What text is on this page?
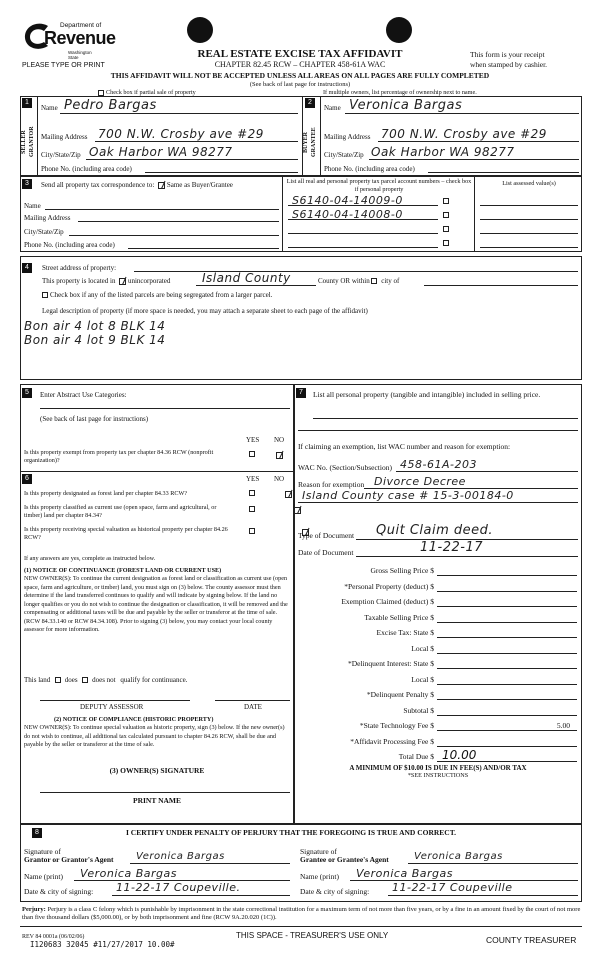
Department of
Revenue
Washington State
PLEASE TYPE OR PRINT
REAL ESTATE EXCISE TAX AFFIDAVIT
CHAPTER 82.45 RCW – CHAPTER 458-61A WAC
This form is your receipt
when stamped by cashier.
THIS AFFIDAVIT WILL NOT BE ACCEPTED UNLESS ALL AREAS ON ALL PAGES ARE FULLY COMPLETED
(See back of last page for instructions)
Check box if partial sale of property	If multiple owners, list percentage of ownership next to name.
1
SELLER GRANTOR
Name Pedro Bargas
Mailing Address 700 N.W. Crosby ave #29
City/State/Zip Oak Harbor WA 98277
Phone No. (including area code)
2
BUYER GRANTEE
Name Veronica Bargas
Mailing Address 700 N.W. Crosby ave #29
City/State/Zip Oak Harbor WA 98277
Phone No. (including area code)
3	Send all property tax correspondence to: Same as Buyer/Grantee
Name
Mailing Address
City/State/Zip
Phone No. (including area code)
List all real and personal property tax parcel account numbers – check box if personal property
List assessed value(s)
S6140-04-14009-0
S6140-04-14008-0
4	Street address of property:
This property is located in unincorporated	Island County	County OR within city of
Check box if any of the listed parcels are being segregated from a larger parcel.
Legal description of property (if more space is needed, you may attach a separate sheet to each page of the affidavit)
Bon air 4 lot 8 BLK 14
Bon air 4 lot 9 BLK 14
5	Enter Abstract Use Categories:
(See back of last page for instructions)
YES NO
Is this property exempt from property tax per chapter 84.36 RCW (nonprofit organization)?

6	YES NO
Is this property designated as forest land per chapter 84.33 RCW?

Is this property classified as current use (open space, farm and agricultural, or timber) land per chapter 84.34?

Is this property receiving special valuation as historical property per chapter 84.26 RCW?
If any answers are yes, complete as instructed below.
(1) NOTICE OF CONTINUANCE (FOREST LAND OR CURRENT USE)
NEW OWNER(S): To continue the current designation as forest land or classification as current use (open space, farm and agriculture, or timber) land, you must sign on (3) below. The county assessor must then determine if the land transferred continues to qualify and will indicate by signing below. If the land no longer qualifies or you do not wish to continue the designation or classification, it will be removed and the compensating or additional taxes will be due and payable by the seller or transferor at the time of sale. (RCW 84.33.140 or RCW 84.34.108). Prior to signing (3) below, you may contact your local county assessor for more information.
This land does does not qualify for continuance.
DEPUTY ASSESSOR	DATE
(2) NOTICE OF COMPLIANCE (HISTORIC PROPERTY)
NEW OWNER(S): To continue special valuation as historic property, sign (3) below. If the new owner(s) do not wish to continue, all additional tax calculated pursuant to chapter 84.26 RCW, shall be due and payable by the seller or transferor at the time of sale.
(3) OWNER(S) SIGNATURE
PRINT NAME
7	List all personal property (tangible and intangible) included in selling price.
If claiming an exemption, list WAC number and reason for exemption:
WAC No. (Section/Subsection) 458-61A-203
Reason for exemption Divorce Decree
Island County case # 15-3-00184-0
Type of Document Quit Claim deed.
Date of Document	11-22-17
Gross Selling Price $
*Personal Property (deduct) $
Exemption Claimed (deduct) $
Taxable Selling Price $
Excise Tax: State $
Local $
*Delinquent Interest: State $
Local $
*Delinquent Penalty $
Subtotal $
*State Technology Fee $	5.00
*Affidavit Processing Fee $
Total Due $ 10.00
A MINIMUM OF $10.00 IS DUE IN FEE(S) AND/OR TAX
*SEE INSTRUCTIONS
8	I CERTIFY UNDER PENALTY OF PERJURY THAT THE FOREGOING IS TRUE AND CORRECT.
Signature of
Grantor or Grantor's Agent Veronica Bargas
Name (print) Veronica Bargas
Date & city of signing: 11-22-17 Coupeville.
Signature of
Grantee or Grantee's Agent	Veronica Bargas
Name (print) Veronica Bargas
Date & city of signing: 11-22-17 Coupeville
Perjury: Perjury is a class C felony which is punishable by imprisonment in the state correctional institution for a maximum term of not more than five years, or by a fine in an amount fixed by the court of not more than five thousand dollars ($5,000.00), or by both imprisonment and fine (RCW 9A.20.020 (1C)).
REV 84 0001a (06/02/06)
I120683 32045 #11/27/2017 10.00#
THIS SPACE - TREASURER'S USE ONLY	COUNTY TREASURER
